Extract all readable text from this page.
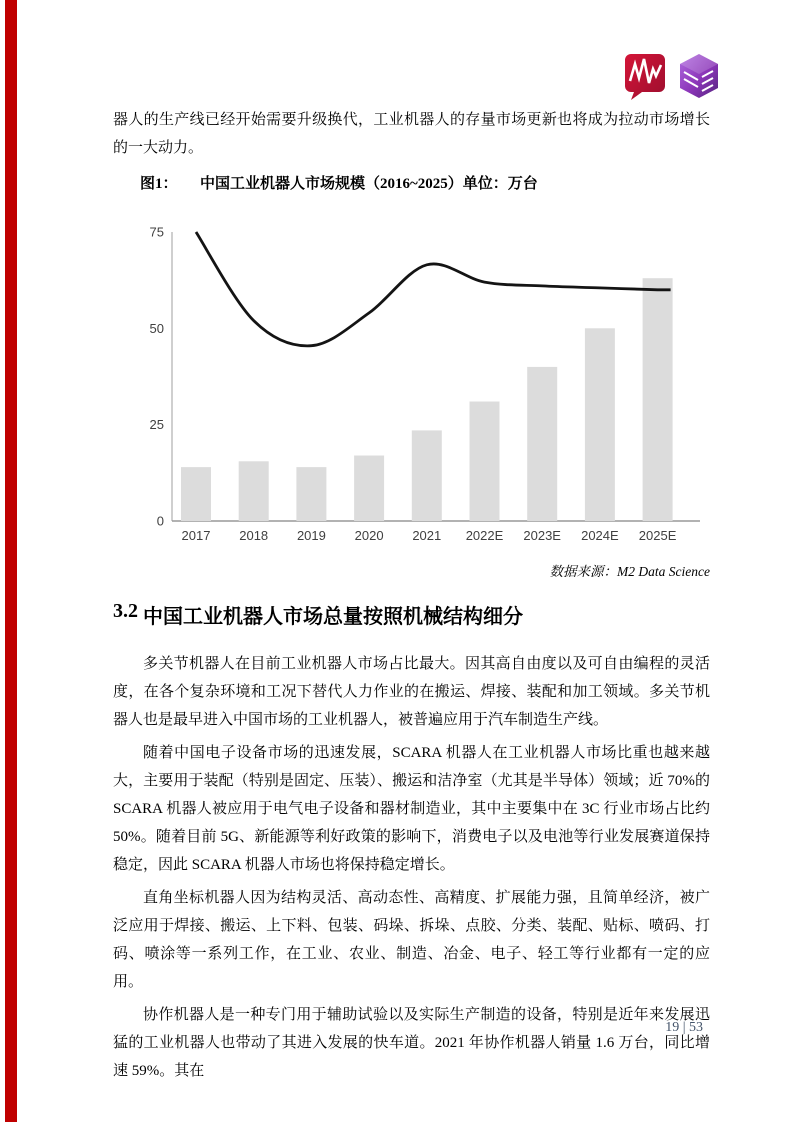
器人的生产线已经开始需要升级换代，工业机器人的存量市场更新也将成为拉动市场增长的一大动力。
图1：	中国工业机器人市场规模（2016~2025）单位：万台
0
25
50
75
2017 2018 2019 2020 2021 2022E 2023E 2024E 2025E
数据来源：M2 Data Science
3.2 中国工业机器人市场总量按照机械结构细分

多关节机器人在目前工业机器人市场占比最大。因其高自由度以及可自由编程的灵活度，在各个复杂环境和工况下替代人力作业的在搬运、焊接、装配和加工领域。多关节机器人也是最早进入中国市场的工业机器人，被普遍应用于汽车制造生产线。

随着中国电子设备市场的迅速发展，SCARA 机器人在工业机器人市场比重也越来越大，主要用于装配（特别是固定、压装）、搬运和洁净室（尤其是半导体）领域；近 70%的 SCARA 机器人被应用于电气电子设备和器材制造业，其中主要集中在 3C 行业市场占比约 50%。随着目前 5G、新能源等利好政策的影响下，消费电子以及电池等行业发展赛道保持稳定，因此 SCARA 机器人市场也将保持稳定增长。

直角坐标机器人因为结构灵活、高动态性、高精度、扩展能力强，且简单经济，被广泛应用于焊接、搬运、上下料、包装、码垛、拆垛、点胶、分类、装配、贴标、喷码、打码、喷涂等一系列工作，在工业、农业、制造、冶金、电子、轻工等行业都有一定的应用。

协作机器人是一种专门用于辅助试验以及实际生产制造的设备，特别是近年来发展迅猛的工业机器人也带动了其进入发展的快车道。2021 年协作机器人销量 1.6 万台，同比增速 59%。其在

19 | 53
